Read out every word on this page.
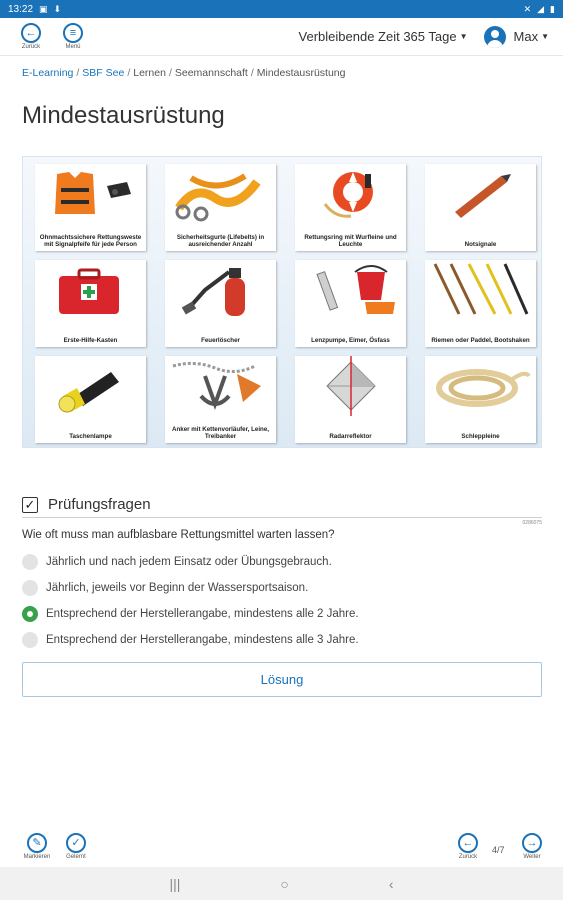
13:22 ▣ ⬇	✕ ◢ ▮
←
Zurück
≡
Menü
Verbleibende Zeit 365 Tage ▼	Max ▼
E-Learning / SBF See / Lernen / Seemannschaft / Mindestausrüstung
Mindestausrüstung
Ohnmachtssichere Rettungsweste mit Signalpfeife für jede Person
Sicherheitsgurte (Lifebelts) in ausreichender Anzahl
Rettungsring mit Wurfleine und Leuchte	Notsignale
Erste-Hilfe-Kasten	Feuerlöscher	Lenzpumpe, Eimer, Ösfass	Riemen oder Paddel, Bootshaken
Taschenlampe
Anker mit Kettenvorläufer, Leine, Treibanker	Radarreflektor	Schleppleine
✓ Prüfungsfragen
0286075
Wie oft muss man aufblasbare Rettungsmittel warten lassen?
Jährlich und nach jedem Einsatz oder Übungsgebrauch.
Jährlich, jeweils vor Beginn der Wassersportsaison.
Entsprechend der Herstellerangabe, mindestens alle 2 Jahre.
Entsprechend der Herstellerangabe, mindestens alle 3 Jahre.
Lösung
✎
Markieren
✓
Gelernt
←
Zurück
4/7
→
Weiter
|||	○	‹
